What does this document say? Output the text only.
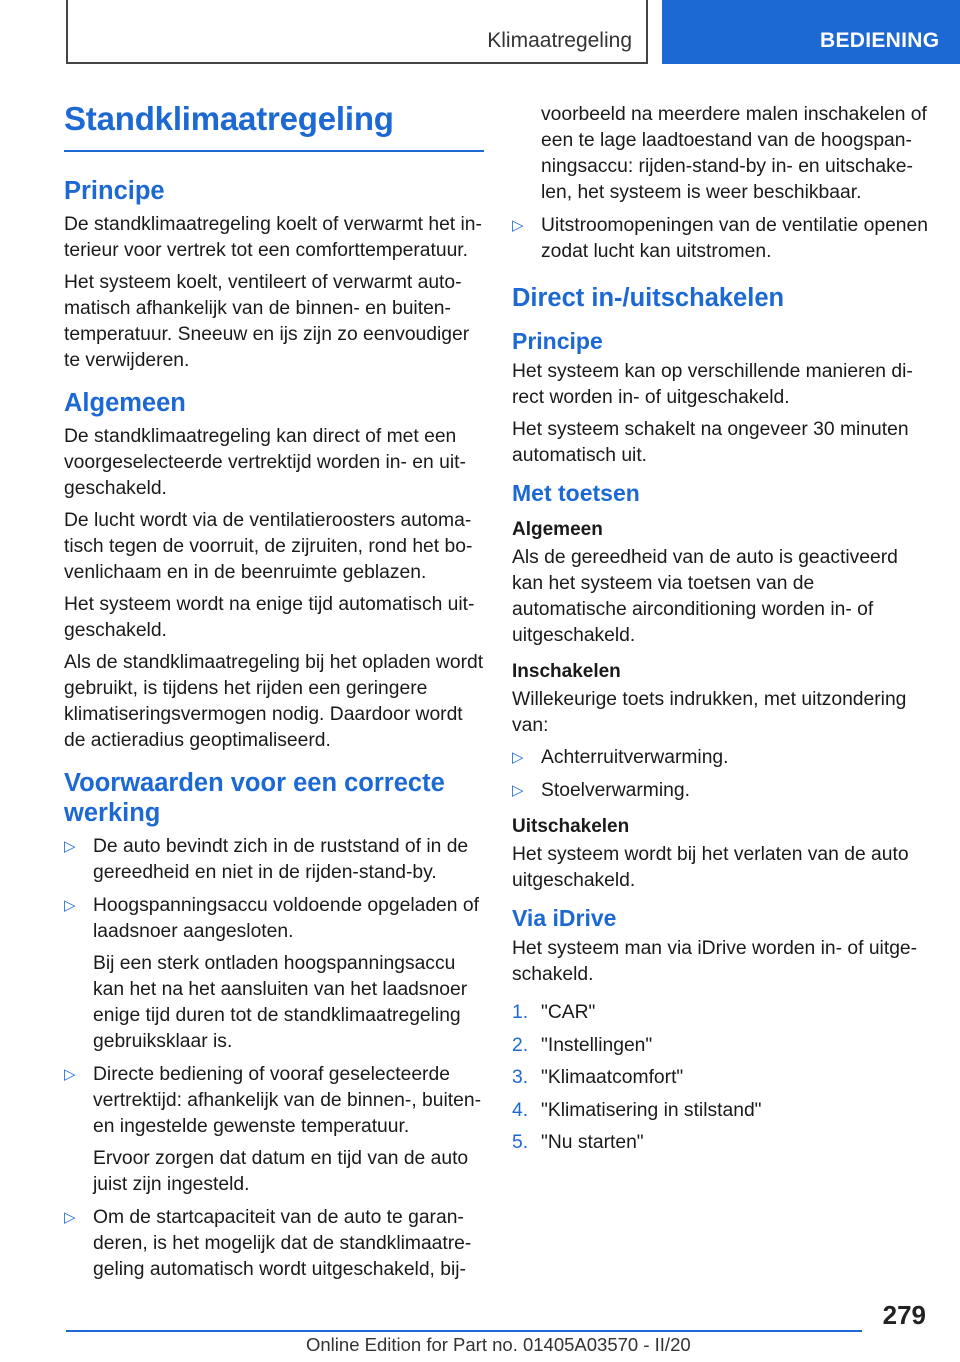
Klimaatregeling	BEDIENING
Standklimaatregeling
Principe

De standklimaatregeling koelt of verwarmt het interieur voor vertrek tot een comforttemperatuur.

Het systeem koelt, ventileert of verwarmt automatisch afhankelijk van de binnen- en buitentemperatuur. Sneeuw en ijs zijn zo eenvoudiger te verwijderen.

Algemeen

De standklimaatregeling kan direct of met een voorgeselecteerde vertrektijd worden in- en uitgeschakeld.

De lucht wordt via de ventilatieroosters automatisch tegen de voorruit, de zijruiten, rond het bovenlichaam en in de beenruimte geblazen.

Het systeem wordt na enige tijd automatisch uitgeschakeld.

Als de standklimaatregeling bij het opladen wordt gebruikt, is tijdens het rijden een geringere klimatiseringsvermogen nodig. Daardoor wordt de actieradius geoptimaliseerd.

Voorwaarden voor een correcte werking
▷ De auto bevindt zich in de ruststand of in de gereedheid en niet in de rijden-stand-by.
▷ Hoogspanningsaccu voldoende opgeladen of laadsnoer aangesloten.
Bij een sterk ontladen hoogspanningsaccu kan het na het aansluiten van het laadsnoer enige tijd duren tot de standklimaatregeling gebruiksklaar is.
▷ Directe bediening of vooraf geselecteerde vertrektijd: afhankelijk van de binnen-, buiten- en ingestelde gewenste temperatuur.
Ervoor zorgen dat datum en tijd van de auto juist zijn ingesteld.
▷ Om de startcapaciteit van de auto te garanderen, is het mogelijk dat de standklimaatregeling automatisch wordt uitgeschakeld, bij-
voorbeeld na meerdere malen inschakelen of een te lage laadtoestand van de hoogspanningsaccu: rijden-stand-by in- en uitschakelen, het systeem is weer beschikbaar.
▷ Uitstroomopeningen van de ventilatie openen zodat lucht kan uitstromen.
Direct in-/uitschakelen
Principe

Het systeem kan op verschillende manieren direct worden in- of uitgeschakeld.

Het systeem schakelt na ongeveer 30 minuten automatisch uit.

Met toetsen
Algemeen

Als de gereedheid van de auto is geactiveerd kan het systeem via toetsen van de automatische airconditioning worden in- of uitgeschakeld.

Inschakelen

Willekeurige toets indrukken, met uitzondering van:

▷ Achterruitverwarming.
▷ Stoelverwarming.
Uitschakelen

Het systeem wordt bij het verlaten van de auto uitgeschakeld.

Via iDrive

Het systeem man via iDrive worden in- of uitgeschakeld.

1. "CAR"
2. "Instellingen"
3. "Klimaatcomfort"
4. "Klimatisering in stilstand"
5. "Nu starten"
279
Online Edition for Part no. 01405A03570 - II/20
